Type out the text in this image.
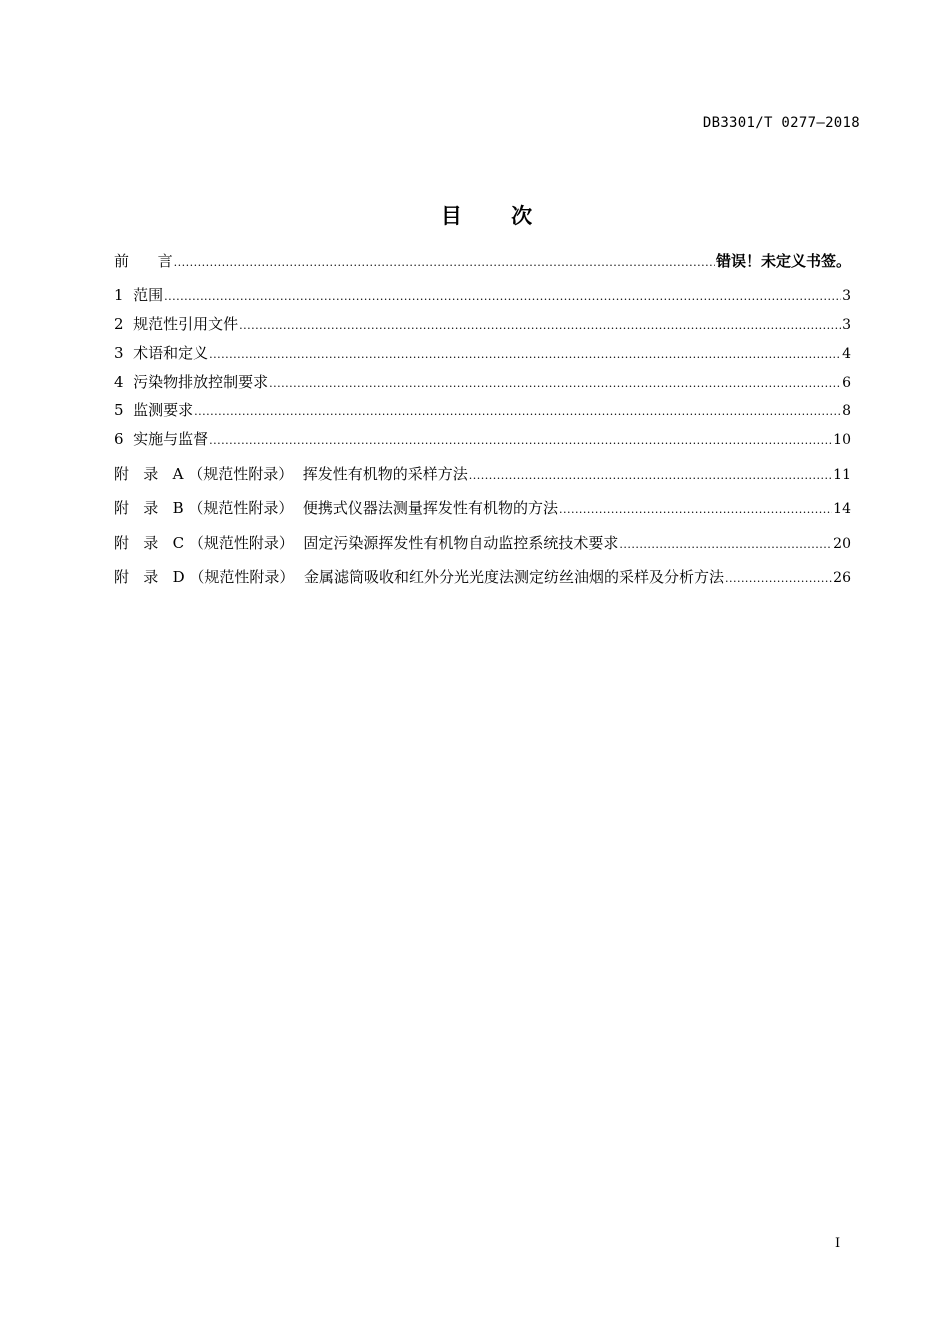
DB3301/T 0277—2018
目 次
前      言 .....	错误！未定义书签。
1  范围 .....	3
2  规范性引用文件 .....	3
3  术语和定义 .....	4
4  污染物排放控制要求 .....	6
5  监测要求 .....	8
6  实施与监督 .....	10
附   录   A （规范性附录）  挥发性有机物的采样方法 .....	11
附   录   B （规范性附录）  便携式仪器法测量挥发性有机物的方法 .....	14
附   录   C （规范性附录）  固定污染源挥发性有机物自动监控系统技术要求 .....	20
附   录   D （规范性附录）  金属滤筒吸收和红外分光光度法测定纺丝油烟的采样及分析方法 .....	26
I
